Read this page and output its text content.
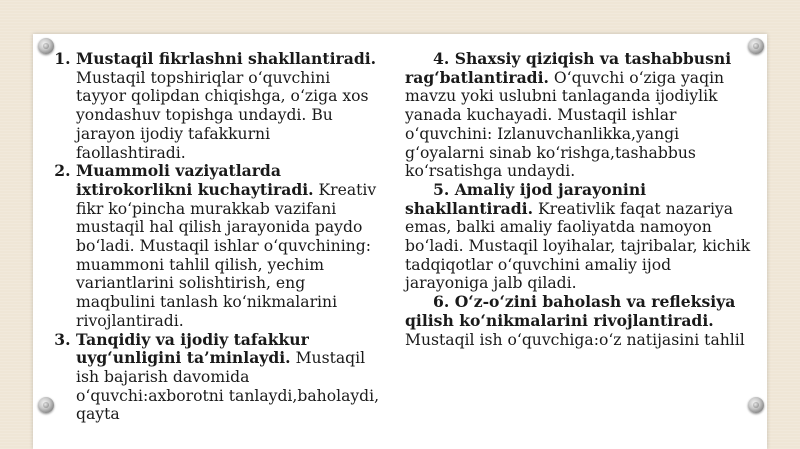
1. Mustaqil fikrlashni shakllantiradi. Mustaqil topshiriqlar o‘quvchini tayyor qolipdan chiqishga, o‘ziga xos yondashuv topishga undaydi. Bu jarayon ijodiy tafakkurni faollashtiradi.
2. Muammoli vaziyatlarda ixtirokorlikni kuchaytiradi. Kreativ fikr ko‘pincha murakkab vazifani mustaqil hal qilish jarayonida paydo bo‘ladi. Mustaqil ishlar o‘quvchining: muammoni tahlil qilish, yechim variantlarini solishtirish, eng maqbulini tanlash ko‘nikmalarini rivojlantiradi.
3. Tanqidiy va ijodiy tafakkur uyg‘unligini ta’minlaydi. Mustaqil ish bajarish davomida o‘quvchi:axborotni tanlaydi,baholaydi, qayta

4. Shaxsiy qiziqish va tashabbusni rag‘batlantiradi. O‘quvchi o‘ziga yaqin mavzu yoki uslubni tanlaganda ijodiylik yanada kuchayadi. Mustaqil ishlar o‘quvchini: Izlanuvchanlikka,yangi g‘oyalarni sinab ko‘rishga,tashabbus ko‘rsatishga undaydi.

5. Amaliy ijod jarayonini shakllantiradi. Kreativlik faqat nazariya emas, balki amaliy faoliyatda namoyon bo‘ladi. Mustaqil loyihalar, tajribalar, kichik tadqiqotlar o‘quvchini amaliy ijod jarayoniga jalb qiladi.

6. O‘z-o‘zini baholash va refleksiya qilish ko‘nikmalarini rivojlantiradi. Mustaqil ish o‘quvchiga:o‘z natijasini tahlil
